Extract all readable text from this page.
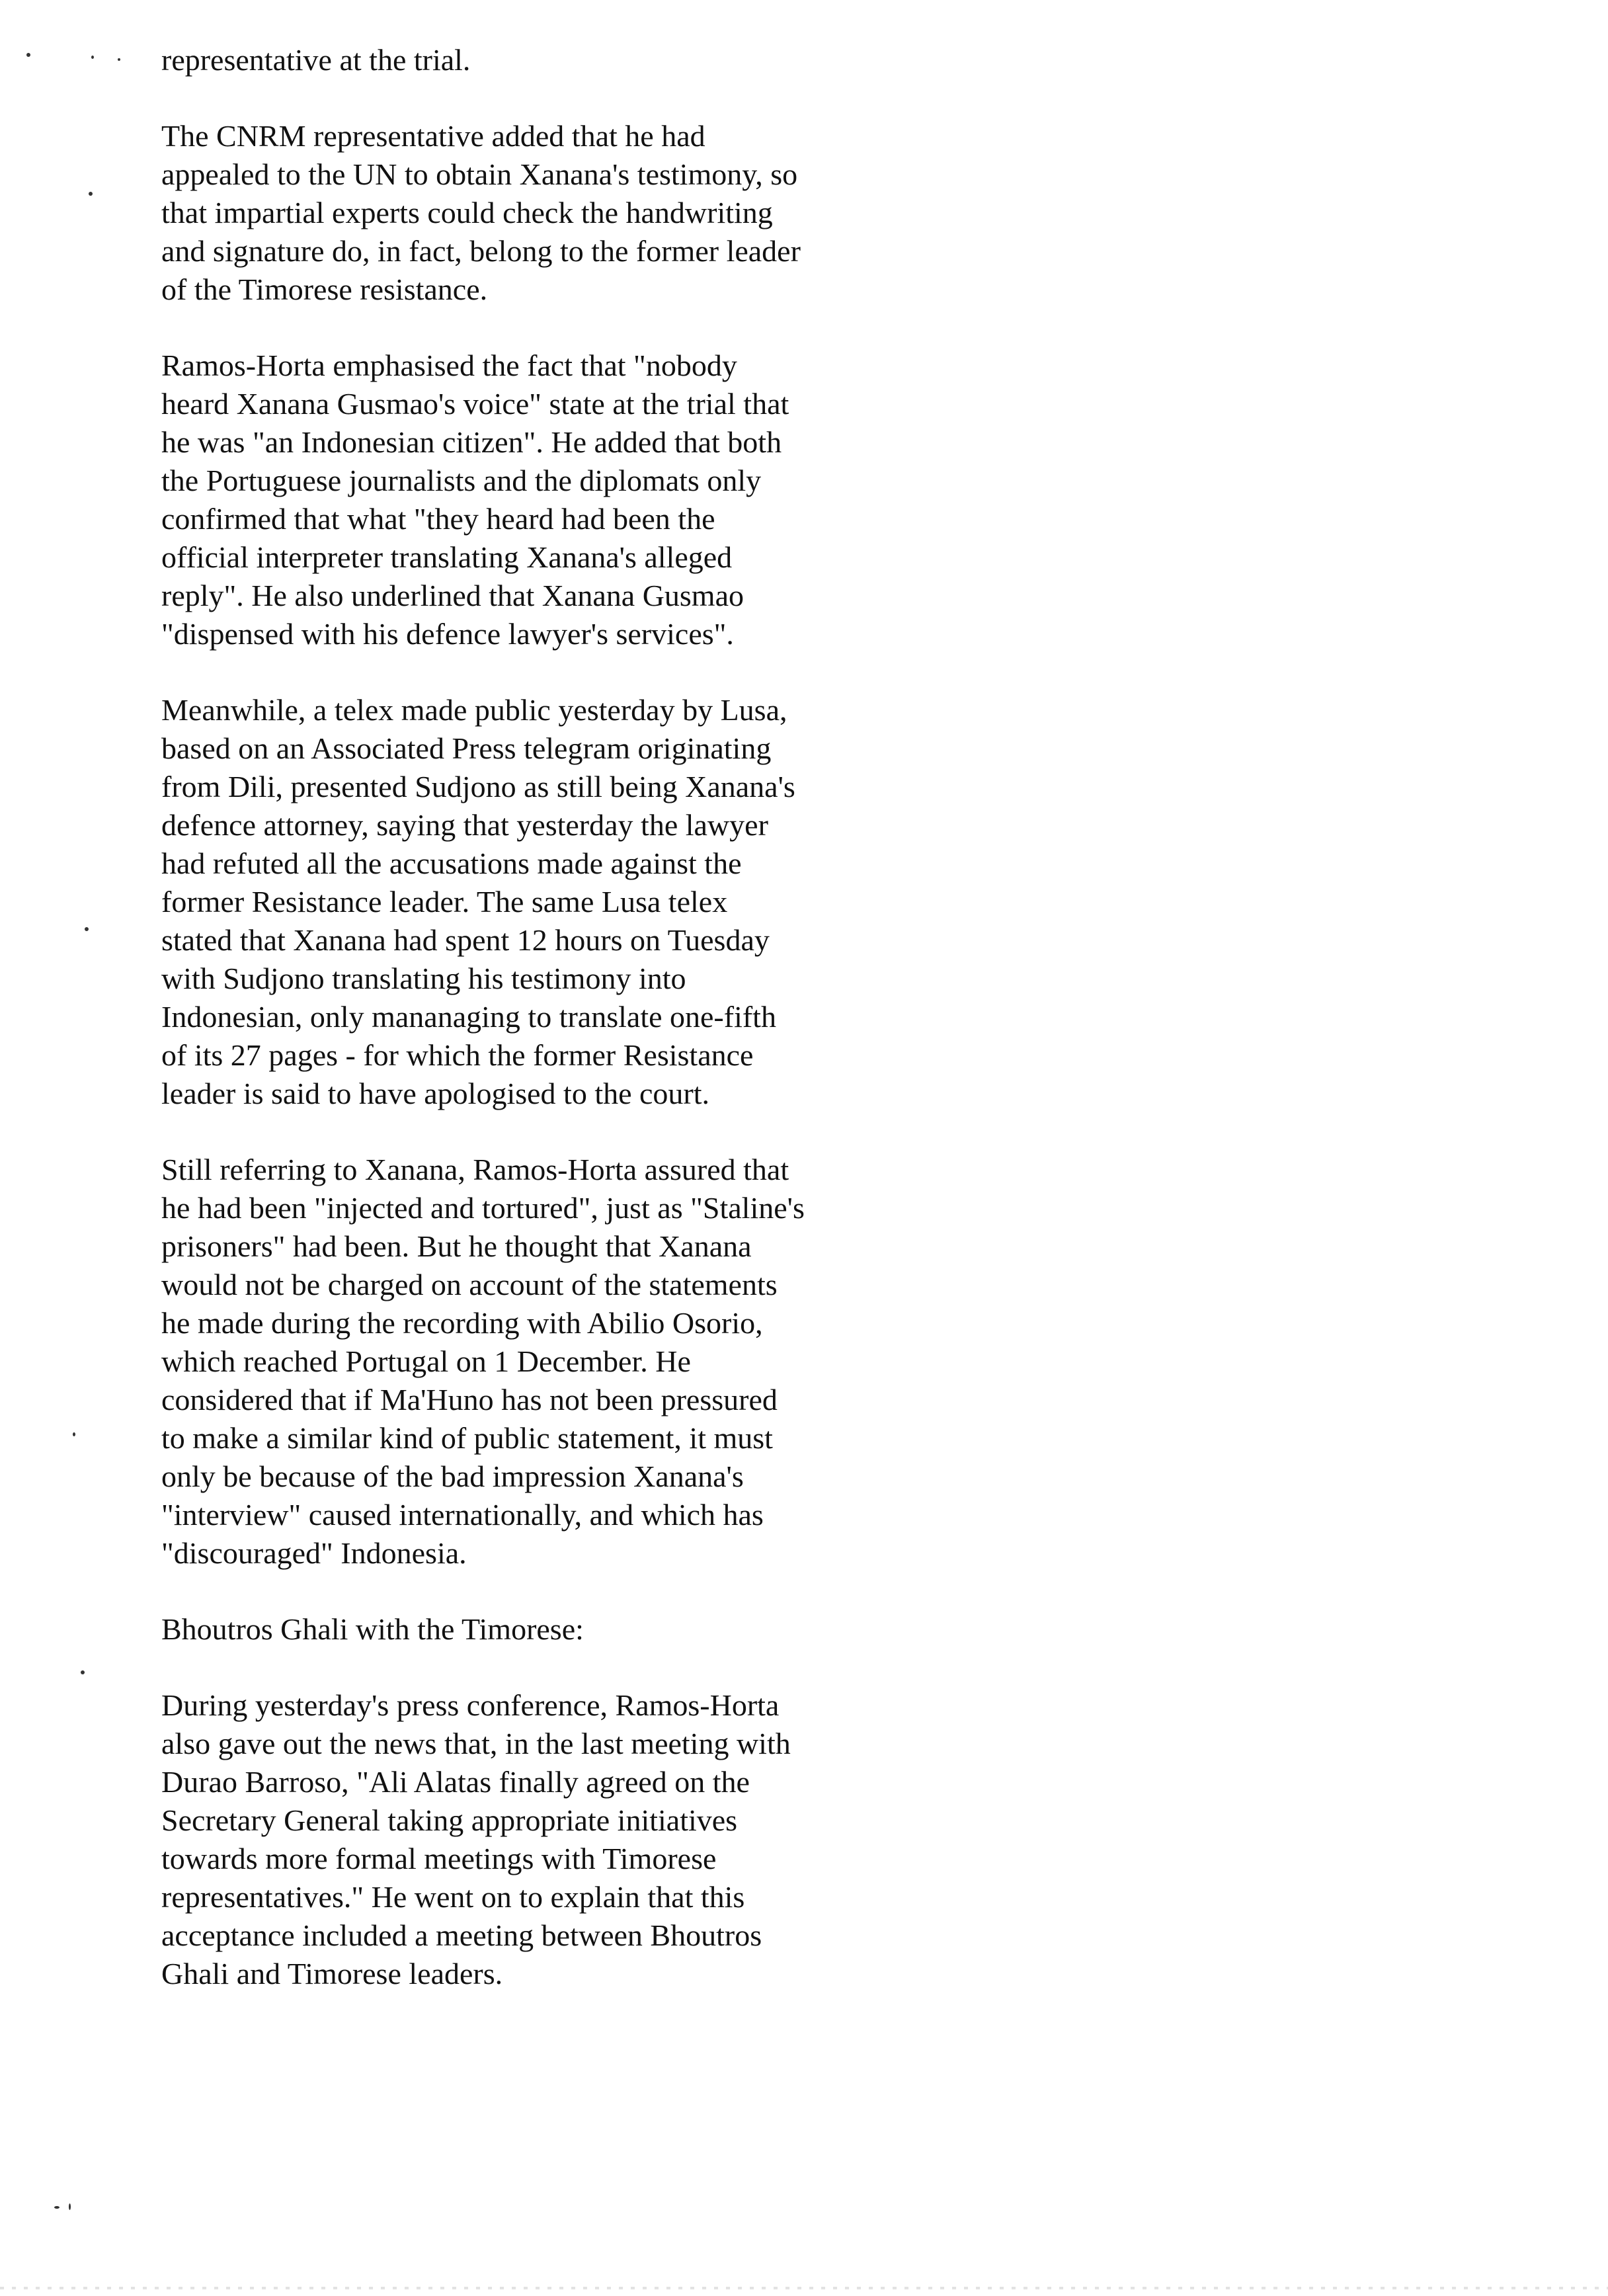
representative at the trial.

The CNRM representative added that he had
appealed to the UN to obtain Xanana's testimony, so
that impartial experts could check the handwriting
and signature do, in fact, belong to the former leader
of the Timorese resistance.

Ramos-Horta emphasised the fact that "nobody
heard Xanana Gusmao's voice" state at the trial that
he was "an Indonesian citizen". He added that both
the Portuguese journalists and the diplomats only
confirmed that what "they heard had been the
official interpreter translating Xanana's alleged
reply". He also underlined that Xanana Gusmao
"dispensed with his defence lawyer's services".

Meanwhile, a telex made public yesterday by Lusa,
based on an Associated Press telegram originating
from Dili, presented Sudjono as still being Xanana's
defence attorney, saying that yesterday the lawyer
had refuted all the accusations made against the
former Resistance leader. The same Lusa telex
stated that Xanana had spent 12 hours on Tuesday
with Sudjono translating his testimony into
Indonesian, only mananaging to translate one-fifth
of its 27 pages - for which the former Resistance
leader is said to have apologised to the court.

Still referring to Xanana, Ramos-Horta assured that
he had been "injected and tortured", just as "Staline's
prisoners" had been. But he thought that Xanana
would not be charged on account of the statements
he made during the recording with Abilio Osorio,
which reached Portugal on 1 December. He
considered that if Ma'Huno has not been pressured
to make a similar kind of public statement, it must
only be because of the bad impression Xanana's
"interview" caused internationally, and which has
"discouraged" Indonesia.

Bhoutros Ghali with the Timorese:

During yesterday's press conference, Ramos-Horta
also gave out the news that, in the last meeting with
Durao Barroso, "Ali Alatas finally agreed on the
Secretary General taking appropriate initiatives
towards more formal meetings with Timorese
representatives." He went on to explain that this
acceptance included a meeting between Bhoutros
Ghali and Timorese leaders.
